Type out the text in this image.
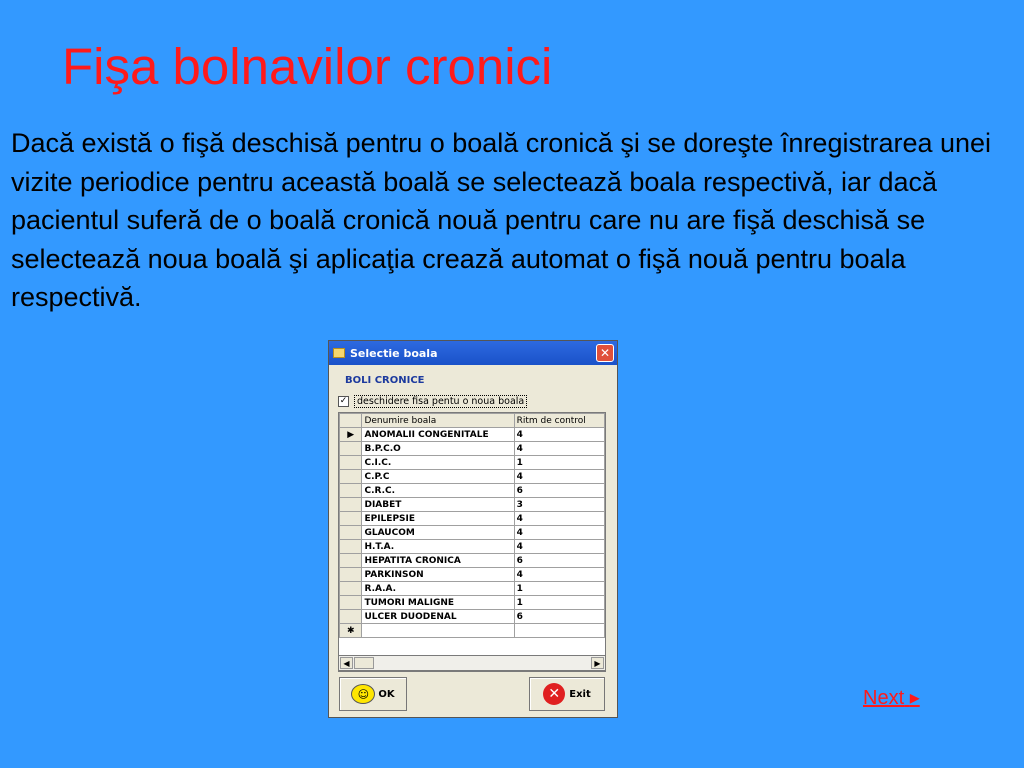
Fişa bolnavilor cronici
Dacă există o fişă deschisă pentru o boală cronică şi se doreşte înregistrarea unei vizite periodice pentru această boală se selectează boala respectivă, iar dacă pacientul suferă de o boală cronică nouă pentru care nu are fişă deschisă se selectează noua boală şi aplicaţia crează automat o fişă nouă pentru boala respectivă.
Selectie boala	✕
BOLI CRONICE
✓	deschidere fisa pentu o noua boala
	Denumire boala	Ritm de control
▶	ANOMALII CONGENITALE	4
	B.P.C.O	4
	C.I.C.	1
	C.P.C	4
	C.R.C.	6
	DIABET	3
	EPILEPSIE	4
	GLAUCOM	4
	H.T.A.	4
	HEPATITA CRONICA	6
	PARKINSON	4
	R.A.A.	1
	TUMORI MALIGNE	1
	ULCER DUODENAL	6
✱		
◀	▶
☺ OK	✕ Exit	Next ▸
